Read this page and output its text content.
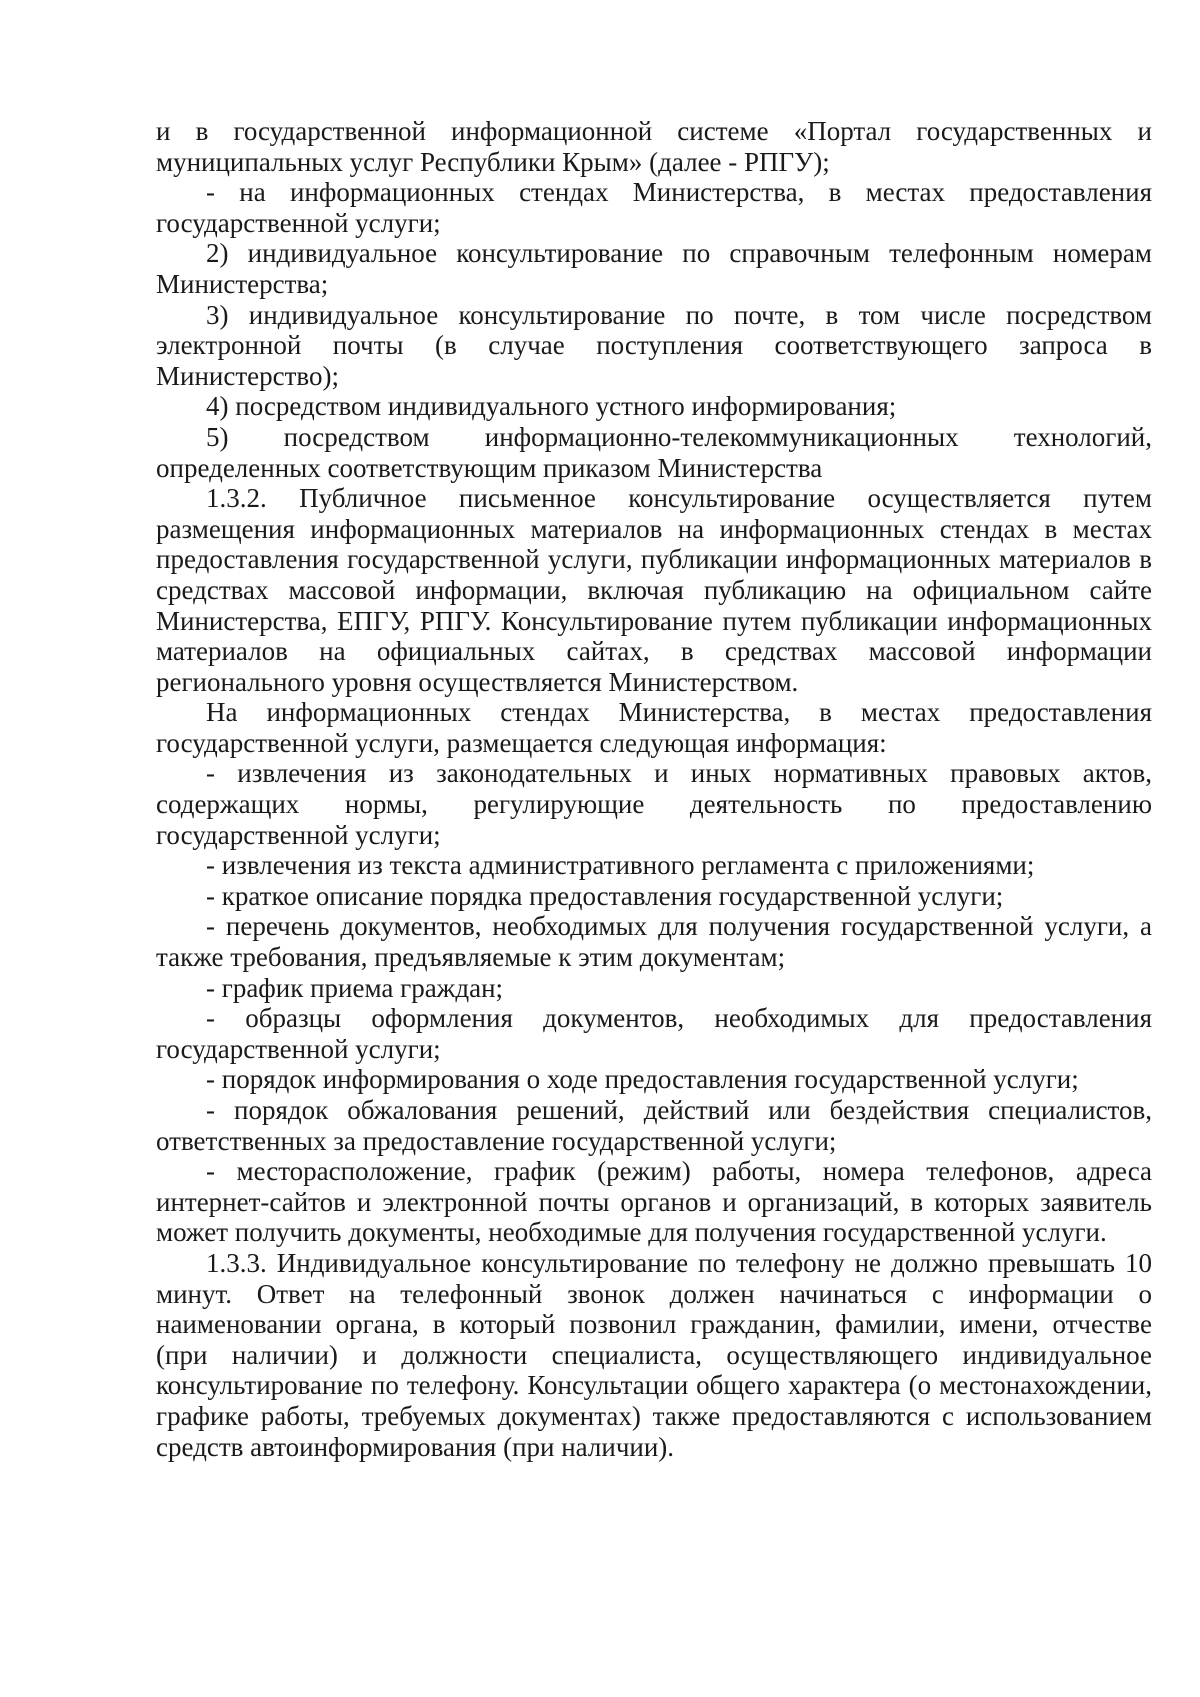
и в государственной информационной системе «Портал государственных и муниципальных услуг Республики Крым» (далее - РПГУ);

- на информационных стендах Министерства, в местах предоставления государственной услуги;

2) индивидуальное консультирование по справочным телефонным номерам Министерства;

3) индивидуальное консультирование по почте, в том числе посредством электронной почты (в случае поступления соответствующего запроса в Министерство);

4) посредством индивидуального устного информирования;

5) посредством информационно-телекоммуникационных технологий, определенных соответствующим приказом Министерства

1.3.2. Публичное письменное консультирование осуществляется путем размещения информационных материалов на информационных стендах в местах предоставления государственной услуги, публикации информационных материалов в средствах массовой информации, включая публикацию на официальном сайте Министерства, ЕПГУ, РПГУ. Консультирование путем публикации информационных материалов на официальных сайтах, в средствах массовой информации регионального уровня осуществляется Министерством.

На информационных стендах Министерства, в местах предоставления государственной услуги, размещается следующая информация:

- извлечения из законодательных и иных нормативных правовых актов, содержащих нормы, регулирующие деятельность по предоставлению государственной услуги;

- извлечения из текста административного регламента с приложениями;

- краткое описание порядка предоставления государственной услуги;

- перечень документов, необходимых для получения государственной услуги, а также требования, предъявляемые к этим документам;

- график приема граждан;

- образцы оформления документов, необходимых для предоставления государственной услуги;

- порядок информирования о ходе предоставления государственной услуги;

- порядок обжалования решений, действий или бездействия специалистов, ответственных за предоставление государственной услуги;

- месторасположение, график (режим) работы, номера телефонов, адреса интернет-сайтов и электронной почты органов и организаций, в которых заявитель может получить документы, необходимые для получения государственной услуги.

1.3.3. Индивидуальное консультирование по телефону не должно превышать 10 минут. Ответ на телефонный звонок должен начинаться с информации о наименовании органа, в который позвонил гражданин, фамилии, имени, отчестве (при наличии) и должности специалиста, осуществляющего индивидуальное консультирование по телефону. Консультации общего характера (о местонахождении, графике работы, требуемых документах) также предоставляются с использованием средств автоинформирования (при наличии).
